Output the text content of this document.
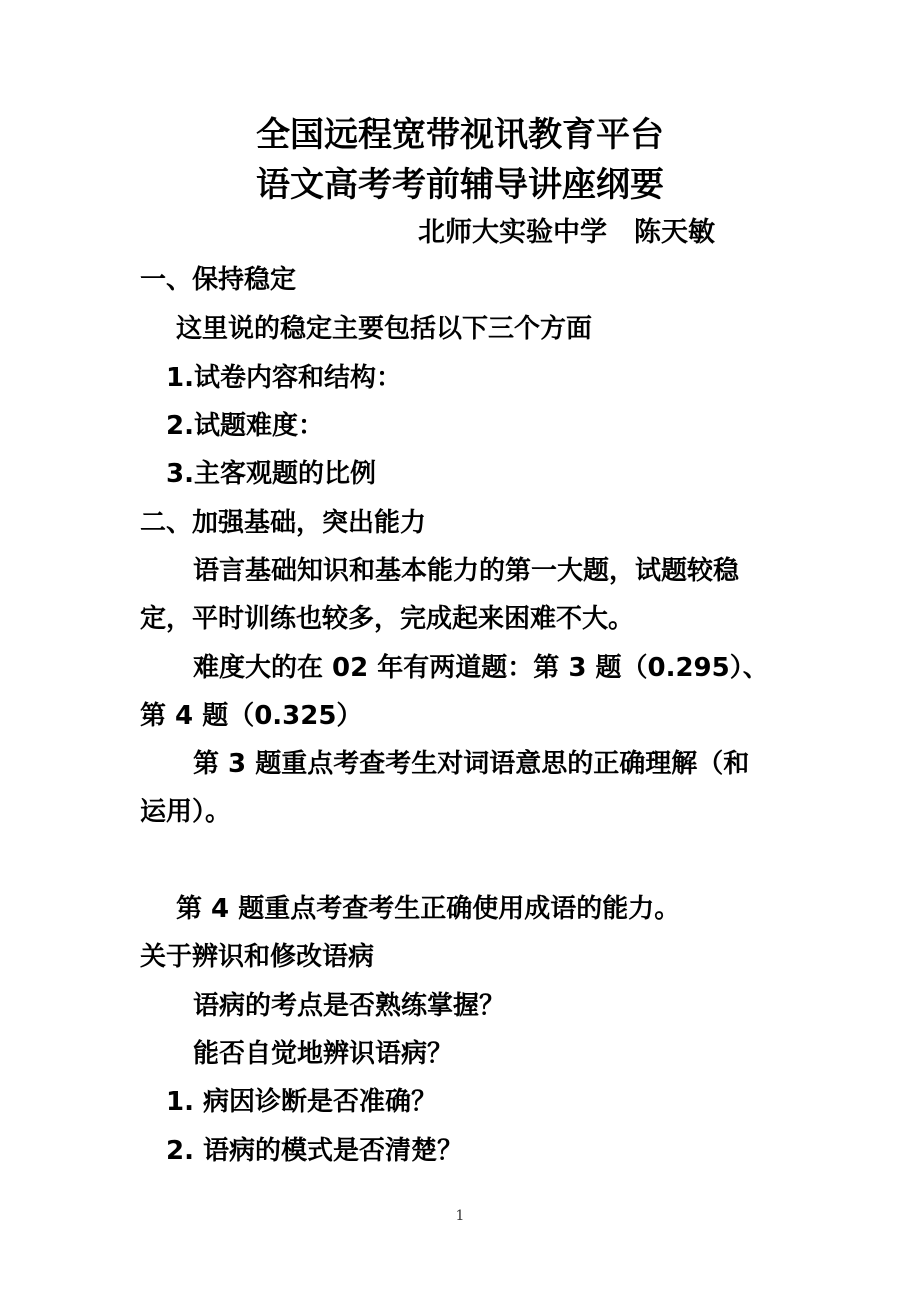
全国远程宽带视讯教育平台
语文高考考前辅导讲座纲要
北师大实验中学　陈天敏
一、保持稳定
这里说的稳定主要包括以下三个方面
1.试卷内容和结构：
2.试题难度：
3.主客观题的比例
二、加强基础，突出能力
语言基础知识和基本能力的第一大题，试题较稳
定，平时训练也较多，完成起来困难不大。
难度大的在 02 年有两道题：第 3 题（0.295）、
第 4 题（0.325）
第 3 题重点考查考生对词语意思的正确理解（和
运用）。
第 4 题重点考查考生正确使用成语的能力。
关于辨识和修改语病
语病的考点是否熟练掌握？
能否自觉地辨识语病？
1. 病因诊断是否准确？
2. 语病的模式是否清楚？
1
